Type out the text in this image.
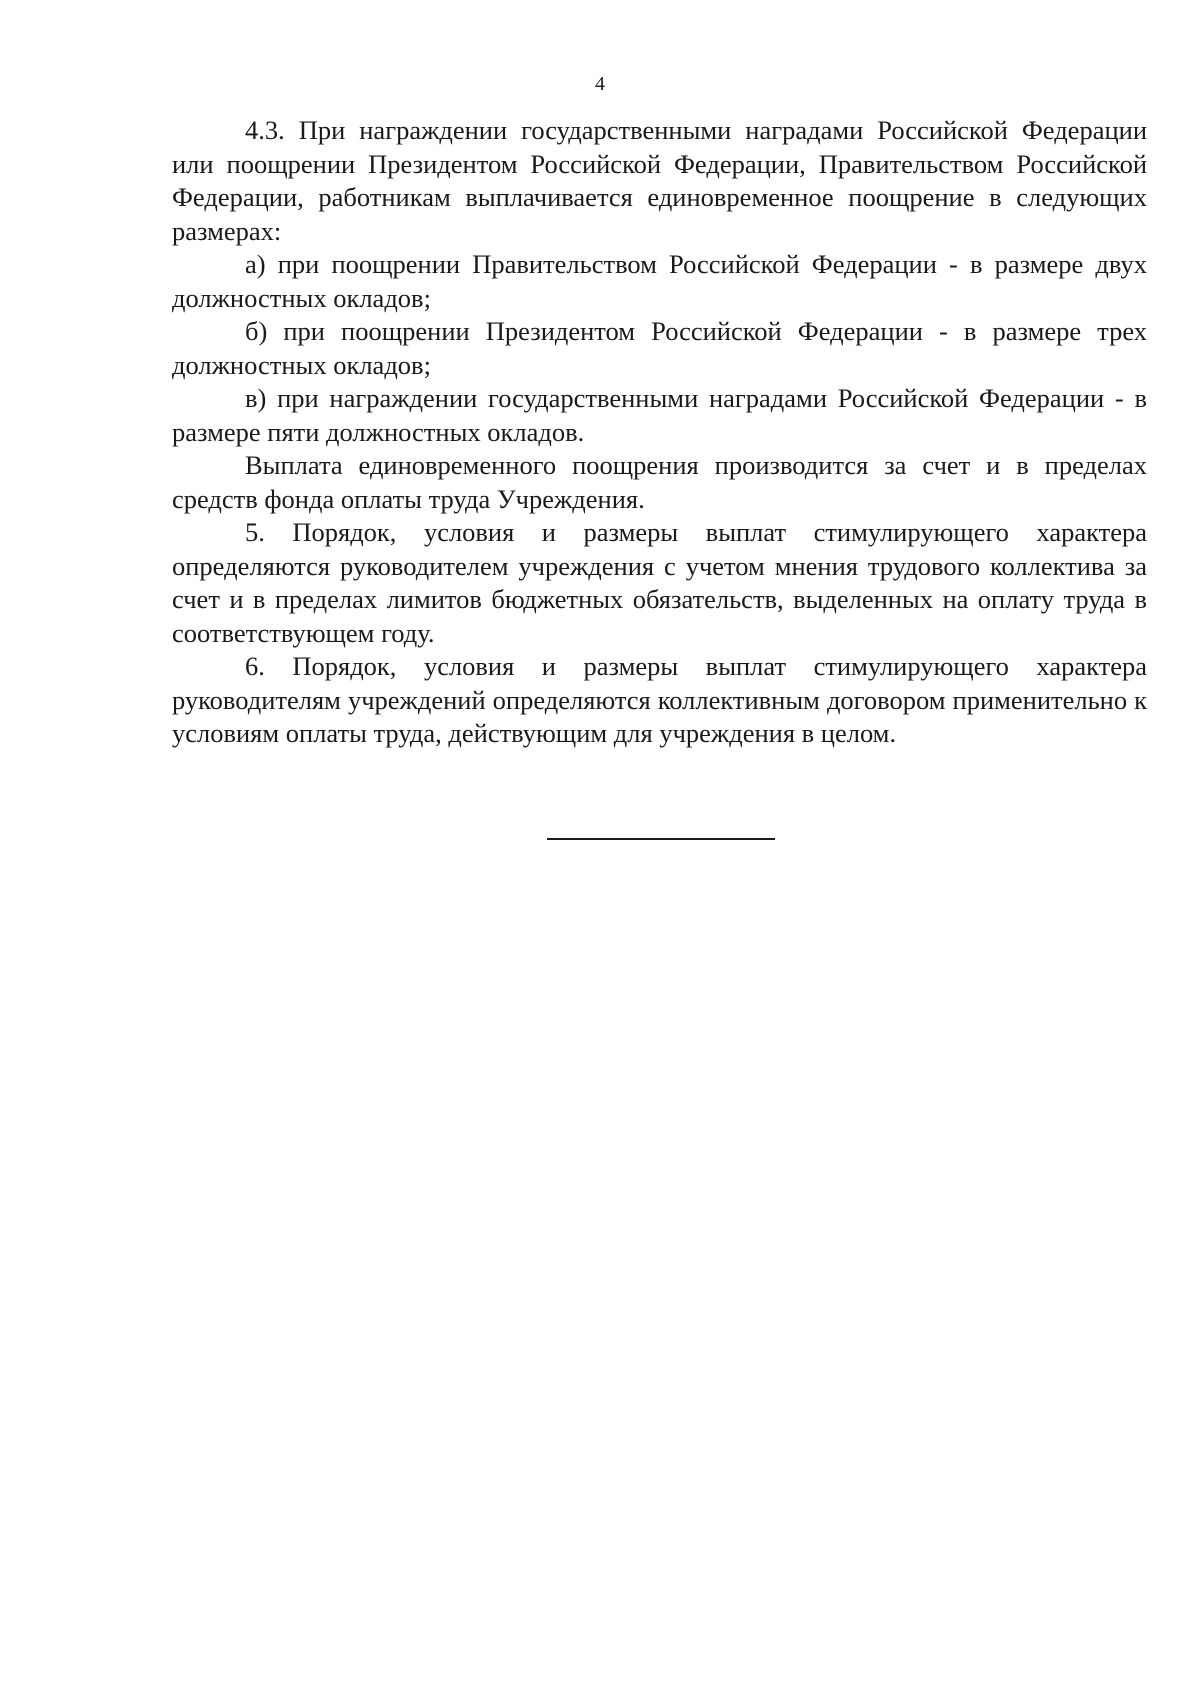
4

4.3. При награждении государственными наградами Российской Федерации или поощрении Президентом Российской Федерации, Правительством Российской Федерации, работникам выплачивается единовременное поощрение в следующих размерах:

а) при поощрении Правительством Российской Федерации - в размере двух должностных окладов;

б) при поощрении Президентом Российской Федерации - в размере трех должностных окладов;

в) при награждении государственными наградами Российской Федерации - в размере пяти должностных окладов.

Выплата единовременного поощрения производится за счет и в пределах средств фонда оплаты труда Учреждения.

5. Порядок, условия и размеры выплат стимулирующего характера определяются руководителем учреждения с учетом мнения трудового коллектива за счет и в пределах лимитов бюджетных обязательств, выделенных на оплату труда в соответствующем году.

6. Порядок, условия и размеры выплат стимулирующего характера руководителям учреждений определяются коллективным договором применительно к условиям оплаты труда, действующим для учреждения в целом.
